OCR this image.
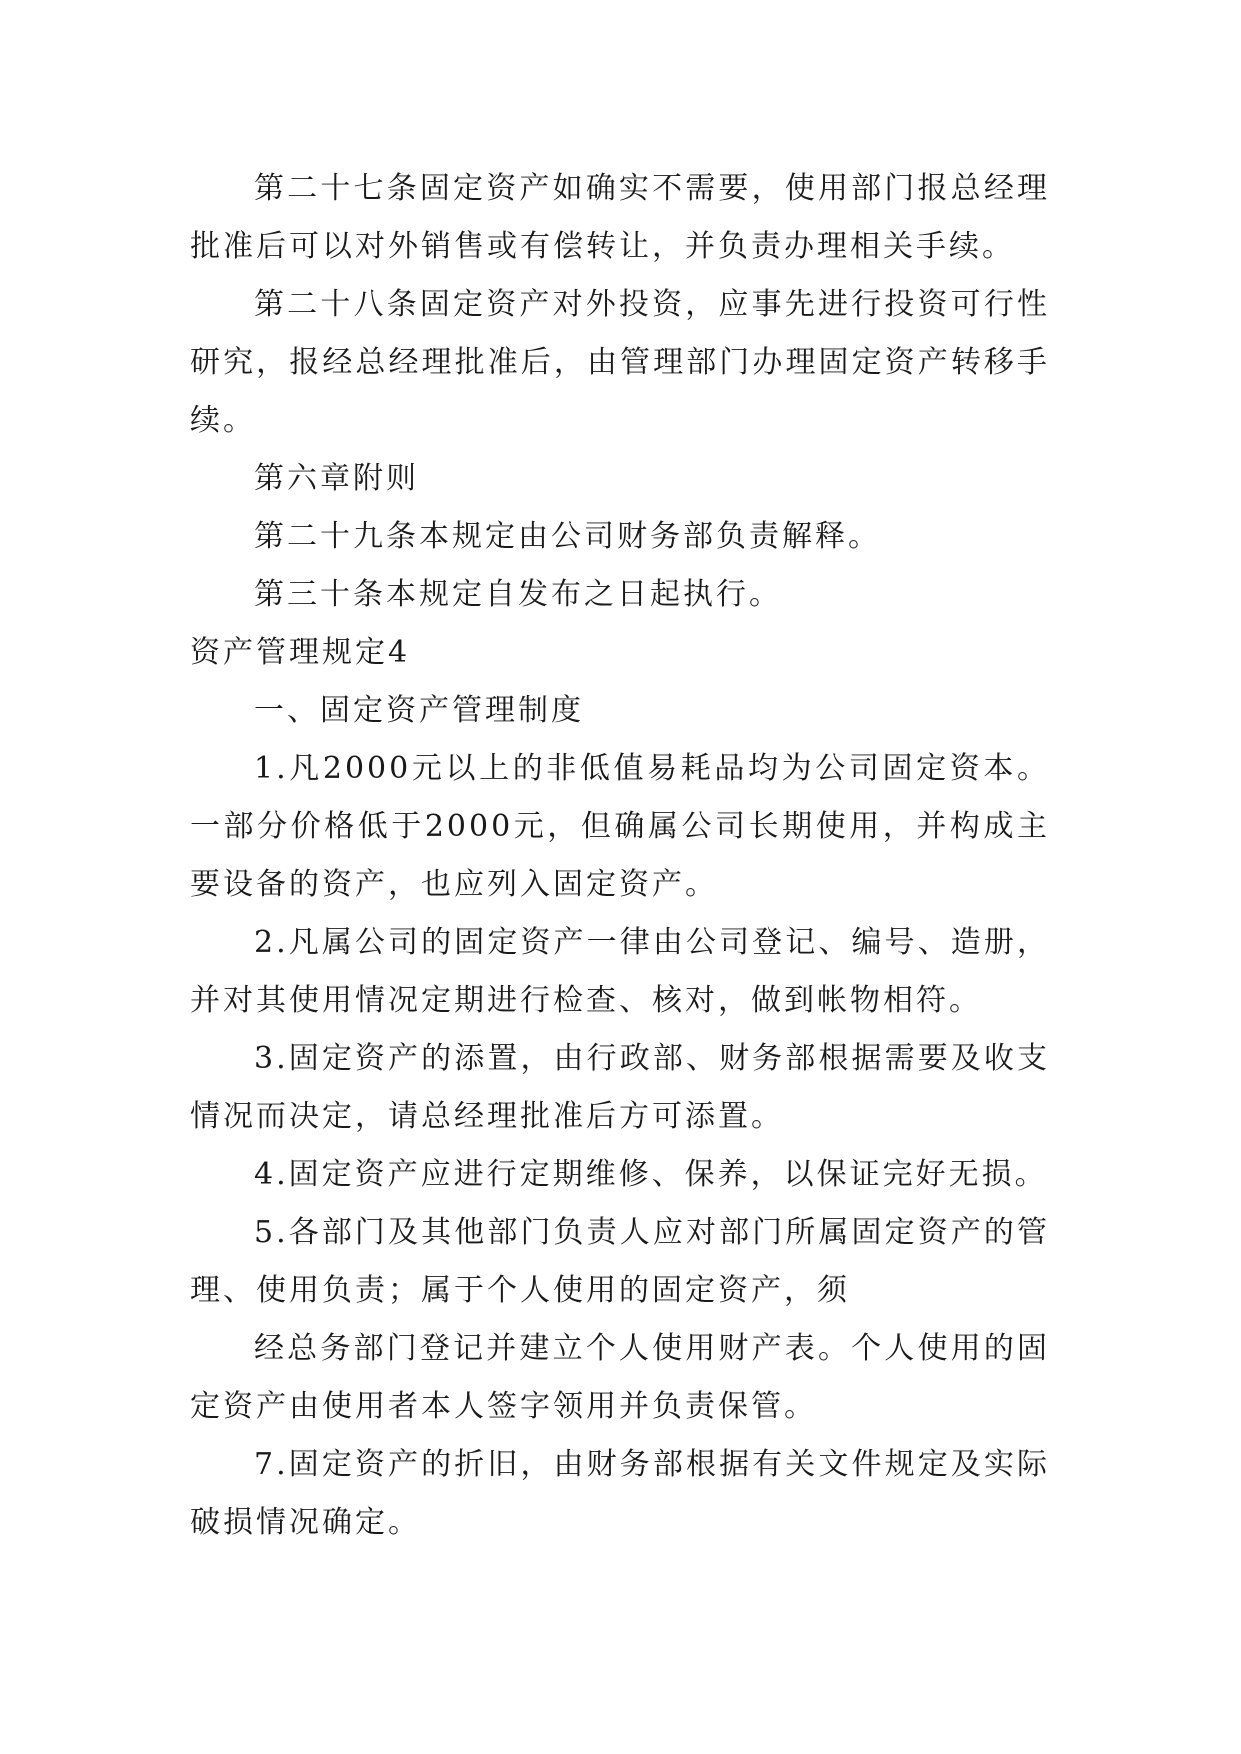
第二十七条固定资产如确实不需要，使用部门报总经理批准后可以对外销售或有偿转让，并负责办理相关手续。

第二十八条固定资产对外投资，应事先进行投资可行性研究，报经总经理批准后，由管理部门办理固定资产转移手续。

第六章附则

第二十九条本规定由公司财务部负责解释。

第三十条本规定自发布之日起执行。

资产管理规定4

一、固定资产管理制度

1.凡2000元以上的非低值易耗品均为公司固定资本。一部分价格低于2000元，但确属公司长期使用，并构成主要设备的资产，也应列入固定资产。

2.凡属公司的固定资产一律由公司登记、编号、造册，并对其使用情况定期进行检查、核对，做到帐物相符。

3.固定资产的添置，由行政部、财务部根据需要及收支情况而决定，请总经理批准后方可添置。

4.固定资产应进行定期维修、保养，以保证完好无损。

5.各部门及其他部门负责人应对部门所属固定资产的管理、使用负责；属于个人使用的固定资产，须

经总务部门登记并建立个人使用财产表。个人使用的固定资产由使用者本人签字领用并负责保管。

7.固定资产的折旧，由财务部根据有关文件规定及实际破损情况确定。
